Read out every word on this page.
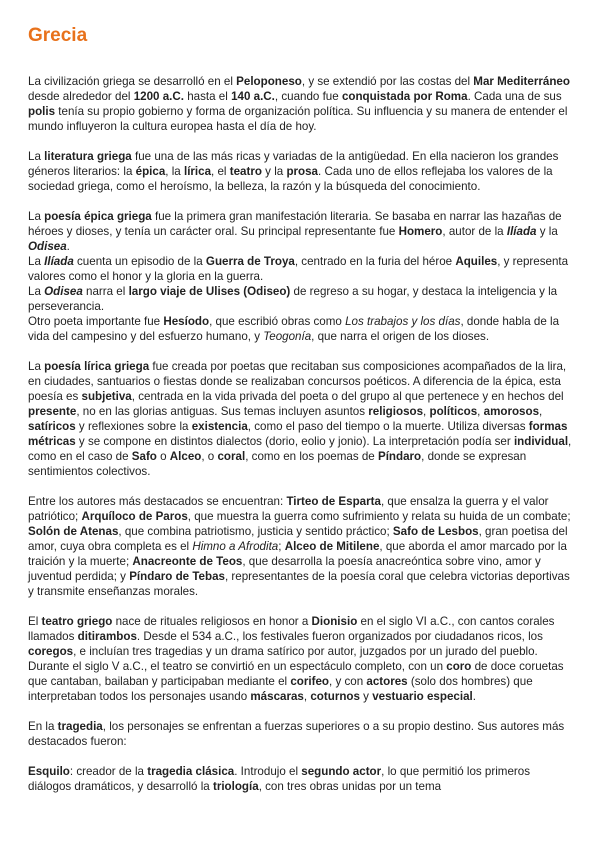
Grecia

La civilización griega se desarrolló en el Peloponeso, y se extendió por las costas del Mar Mediterráneo desde alrededor del 1200 a.C. hasta el 140 a.C., cuando fue conquistada por Roma. Cada una de sus polis tenía su propio gobierno y forma de organización política. Su influencia y su manera de entender el mundo influyeron la cultura europea hasta el día de hoy.

La literatura griega fue una de las más ricas y variadas de la antigüedad. En ella nacieron los grandes géneros literarios: la épica, la lírica, el teatro y la prosa. Cada uno de ellos reflejaba los valores de la sociedad griega, como el heroísmo, la belleza, la razón y la búsqueda del conocimiento.

La poesía épica griega fue la primera gran manifestación literaria. Se basaba en narrar las hazañas de héroes y dioses, y tenía un carácter oral. Su principal representante fue Homero, autor de la Ilíada y la Odisea.
La Ilíada cuenta un episodio de la Guerra de Troya, centrado en la furia del héroe Aquiles, y representa valores como el honor y la gloria en la guerra.
La Odisea narra el largo viaje de Ulises (Odiseo) de regreso a su hogar, y destaca la inteligencia y la perseverancia.
Otro poeta importante fue Hesíodo, que escribió obras como Los trabajos y los días, donde habla de la vida del campesino y del esfuerzo humano, y Teogonía, que narra el origen de los dioses.

La poesía lírica griega fue creada por poetas que recitaban sus composiciones acompañados de la lira, en ciudades, santuarios o fiestas donde se realizaban concursos poéticos. A diferencia de la épica, esta poesía es subjetiva, centrada en la vida privada del poeta o del grupo al que pertenece y en hechos del presente, no en las glorias antiguas. Sus temas incluyen asuntos religiosos, políticos, amorosos, satíricos y reflexiones sobre la existencia, como el paso del tiempo o la muerte. Utiliza diversas formas métricas y se compone en distintos dialectos (dorio, eolio y jonio). La interpretación podía ser individual, como en el caso de Safo o Alceo, o coral, como en los poemas de Píndaro, donde se expresan sentimientos colectivos.

Entre los autores más destacados se encuentran: Tirteo de Esparta, que ensalza la guerra y el valor patriótico; Arquíloco de Paros, que muestra la guerra como sufrimiento y relata su huida de un combate; Solón de Atenas, que combina patriotismo, justicia y sentido práctico; Safo de Lesbos, gran poetisa del amor, cuya obra completa es el Himno a Afrodita; Alceo de Mitilene, que aborda el amor marcado por la traición y la muerte; Anacreonte de Teos, que desarrolla la poesía anacreóntica sobre vino, amor y juventud perdida; y Píndaro de Tebas, representantes de la poesía coral que celebra victorias deportivas y transmite enseñanzas morales.

El teatro griego nace de rituales religiosos en honor a Dionisio en el siglo VI a.C., con cantos corales llamados ditirambos. Desde el 534 a.C., los festivales fueron organizados por ciudadanos ricos, los coregos, e incluían tres tragedias y un drama satírico por autor, juzgados por un jurado del pueblo. Durante el siglo V a.C., el teatro se convirtió en un espectáculo completo, con un coro de doce coruetas que cantaban, bailaban y participaban mediante el corifeo, y con actores (solo dos hombres) que interpretaban todos los personajes usando máscaras, coturnos y vestuario especial.

En la tragedia, los personajes se enfrentan a fuerzas superiores o a su propio destino. Sus autores más destacados fueron:

Esquilo: creador de la tragedia clásica. Introdujo el segundo actor, lo que permitió los primeros diálogos dramáticos, y desarrolló la triología, con tres obras unidas por un tema
